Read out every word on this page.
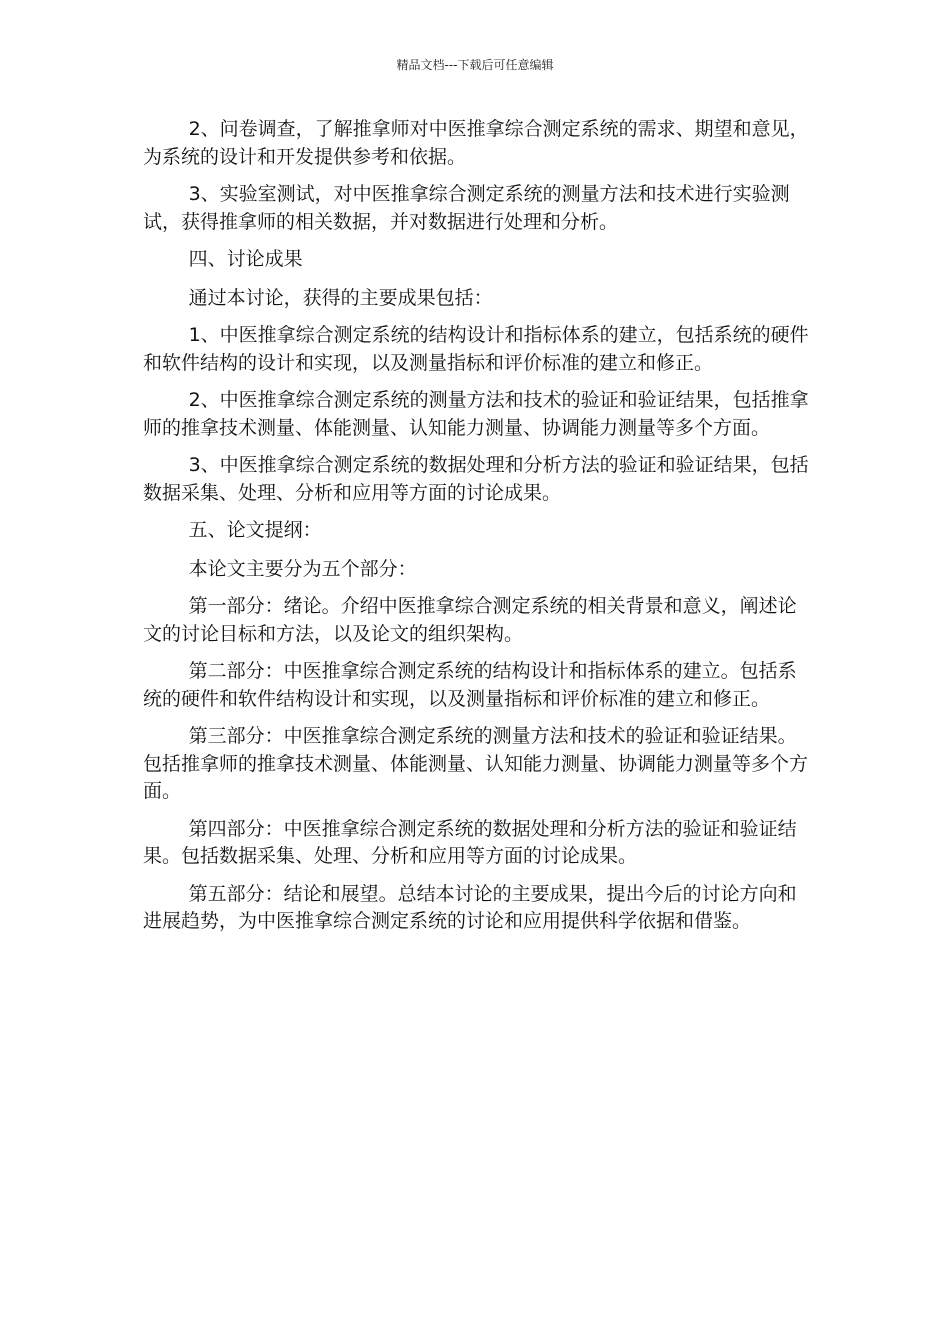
精品文档---下载后可任意编辑

2、问卷调查，了解推拿师对中医推拿综合测定系统的需求、期望和意见，为系统的设计和开发提供参考和依据。

3、实验室测试，对中医推拿综合测定系统的测量方法和技术进行实验测试，获得推拿师的相关数据，并对数据进行处理和分析。

四、讨论成果

通过本讨论，获得的主要成果包括：

1、中医推拿综合测定系统的结构设计和指标体系的建立，包括系统的硬件和软件结构的设计和实现，以及测量指标和评价标准的建立和修正。

2、中医推拿综合测定系统的测量方法和技术的验证和验证结果，包括推拿师的推拿技术测量、体能测量、认知能力测量、协调能力测量等多个方面。

3、中医推拿综合测定系统的数据处理和分析方法的验证和验证结果，包括数据采集、处理、分析和应用等方面的讨论成果。

五、论文提纲：

本论文主要分为五个部分：

第一部分：绪论。介绍中医推拿综合测定系统的相关背景和意义，阐述论文的讨论目标和方法，以及论文的组织架构。

第二部分：中医推拿综合测定系统的结构设计和指标体系的建立。包括系统的硬件和软件结构设计和实现，以及测量指标和评价标准的建立和修正。

第三部分：中医推拿综合测定系统的测量方法和技术的验证和验证结果。包括推拿师的推拿技术测量、体能测量、认知能力测量、协调能力测量等多个方面。

第四部分：中医推拿综合测定系统的数据处理和分析方法的验证和验证结果。包括数据采集、处理、分析和应用等方面的讨论成果。

第五部分：结论和展望。总结本讨论的主要成果，提出今后的讨论方向和进展趋势，为中医推拿综合测定系统的讨论和应用提供科学依据和借鉴。
